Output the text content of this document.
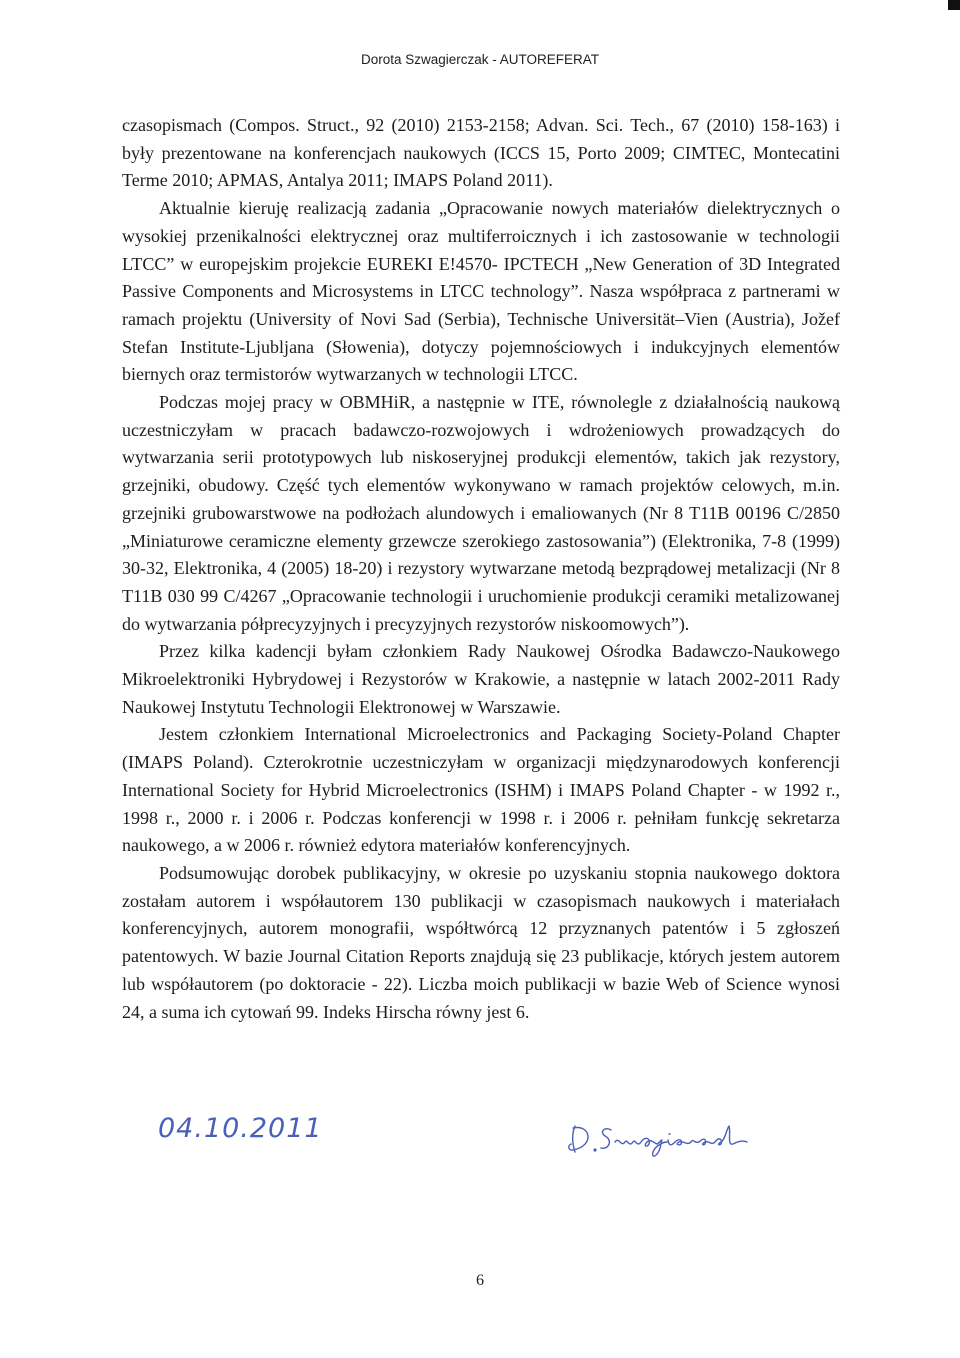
Dorota Szwagierczak - AUTOREFERAT

czasopismach (Compos. Struct., 92 (2010) 2153-2158; Advan. Sci. Tech., 67 (2010) 158-163) i były prezentowane na konferencjach naukowych (ICCS 15, Porto 2009; CIMTEC, Montecatini Terme 2010; APMAS, Antalya 2011; IMAPS Poland 2011).

Aktualnie kieruję realizacją zadania „Opracowanie nowych materiałów dielektrycznych o wysokiej przenikalności elektrycznej oraz multiferroicznych i ich zastosowanie w technologii LTCC” w europejskim projekcie EUREKI E!4570- IPCTECH „New Generation of 3D Integrated Passive Components and Microsystems in LTCC technology”. Nasza współpraca z partnerami w ramach projektu (University of Novi Sad (Serbia), Technische Universität–Vien (Austria), Jožef Stefan Institute-Ljubljana (Słowenia), dotyczy pojemnościowych i indukcyjnych elementów biernych oraz termistorów wytwarzanych w technologii LTCC.

Podczas mojej pracy w OBMHiR, a następnie w ITE, równolegle z działalnością naukową uczestniczyłam w pracach badawczo-rozwojowych i wdrożeniowych prowadzących do wytwarzania serii prototypowych lub niskoseryjnej produkcji elementów, takich jak rezystory, grzejniki, obudowy. Część tych elementów wykonywano w ramach projektów celowych, m.in. grzejniki grubowarstwowe na podłożach alundowych i emaliowanych (Nr 8 T11B 00196 C/2850 „Miniaturowe ceramiczne elementy grzewcze szerokiego zastosowania”) (Elektronika, 7-8 (1999) 30-32, Elektronika, 4 (2005) 18-20) i rezystory wytwarzane metodą bezprądowej metalizacji (Nr 8 T11B 030 99 C/4267 „Opracowanie technologii i uruchomienie produkcji ceramiki metalizowanej do wytwarzania półprecyzyjnych i precyzyjnych rezystorów niskoomowych”).

Przez kilka kadencji byłam członkiem Rady Naukowej Ośrodka Badawczo-Naukowego Mikroelektroniki Hybrydowej i Rezystorów w Krakowie, a następnie w latach 2002-2011 Rady Naukowej Instytutu Technologii Elektronowej w Warszawie.

Jestem członkiem International Microelectronics and Packaging Society-Poland Chapter (IMAPS Poland). Czterokrotnie uczestniczyłam w organizacji międzynarodowych konferencji International Society for Hybrid Microelectronics (ISHM) i IMAPS Poland Chapter - w 1992 r., 1998 r., 2000 r. i 2006 r. Podczas konferencji w 1998 r. i 2006 r. pełniłam funkcję sekretarza naukowego, a w 2006 r. również edytora materiałów konferencyjnych.

Podsumowując dorobek publikacyjny, w okresie po uzyskaniu stopnia naukowego doktora zostałam autorem i współautorem 130 publikacji w czasopismach naukowych i materiałach konferencyjnych, autorem monografii, współtwórcą 12 przyznanych patentów i 5 zgłoszeń patentowych. W bazie Journal Citation Reports znajdują się 23 publikacje, których jestem autorem lub współautorem (po doktoracie - 22). Liczba moich publikacji w bazie Web of Science wynosi 24, a suma ich cytowań 99. Indeks Hirscha równy jest 6.

04.10.2011
6
